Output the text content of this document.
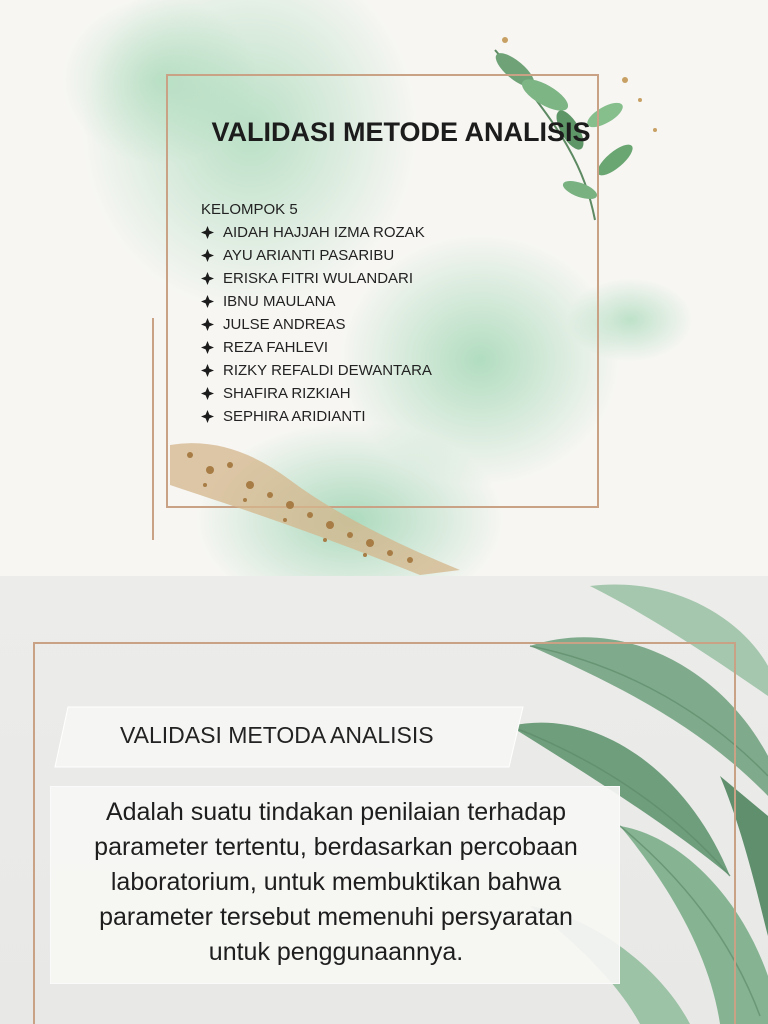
VALIDASI METODE ANALISIS
KELOMPOK 5
AIDAH HAJJAH IZMA ROZAK
AYU ARIANTI PASARIBU
ERISKA FITRI WULANDARI
IBNU MAULANA
JULSE ANDREAS
REZA FAHLEVI
RIZKY REFALDI DEWANTARA
SHAFIRA RIZKIAH
SEPHIRA ARIDIANTI
VALIDASI METODA ANALISIS
Adalah suatu tindakan penilaian terhadap parameter tertentu, berdasarkan percobaan laboratorium, untuk membuktikan bahwa parameter tersebut memenuhi persyaratan untuk penggunaannya.
